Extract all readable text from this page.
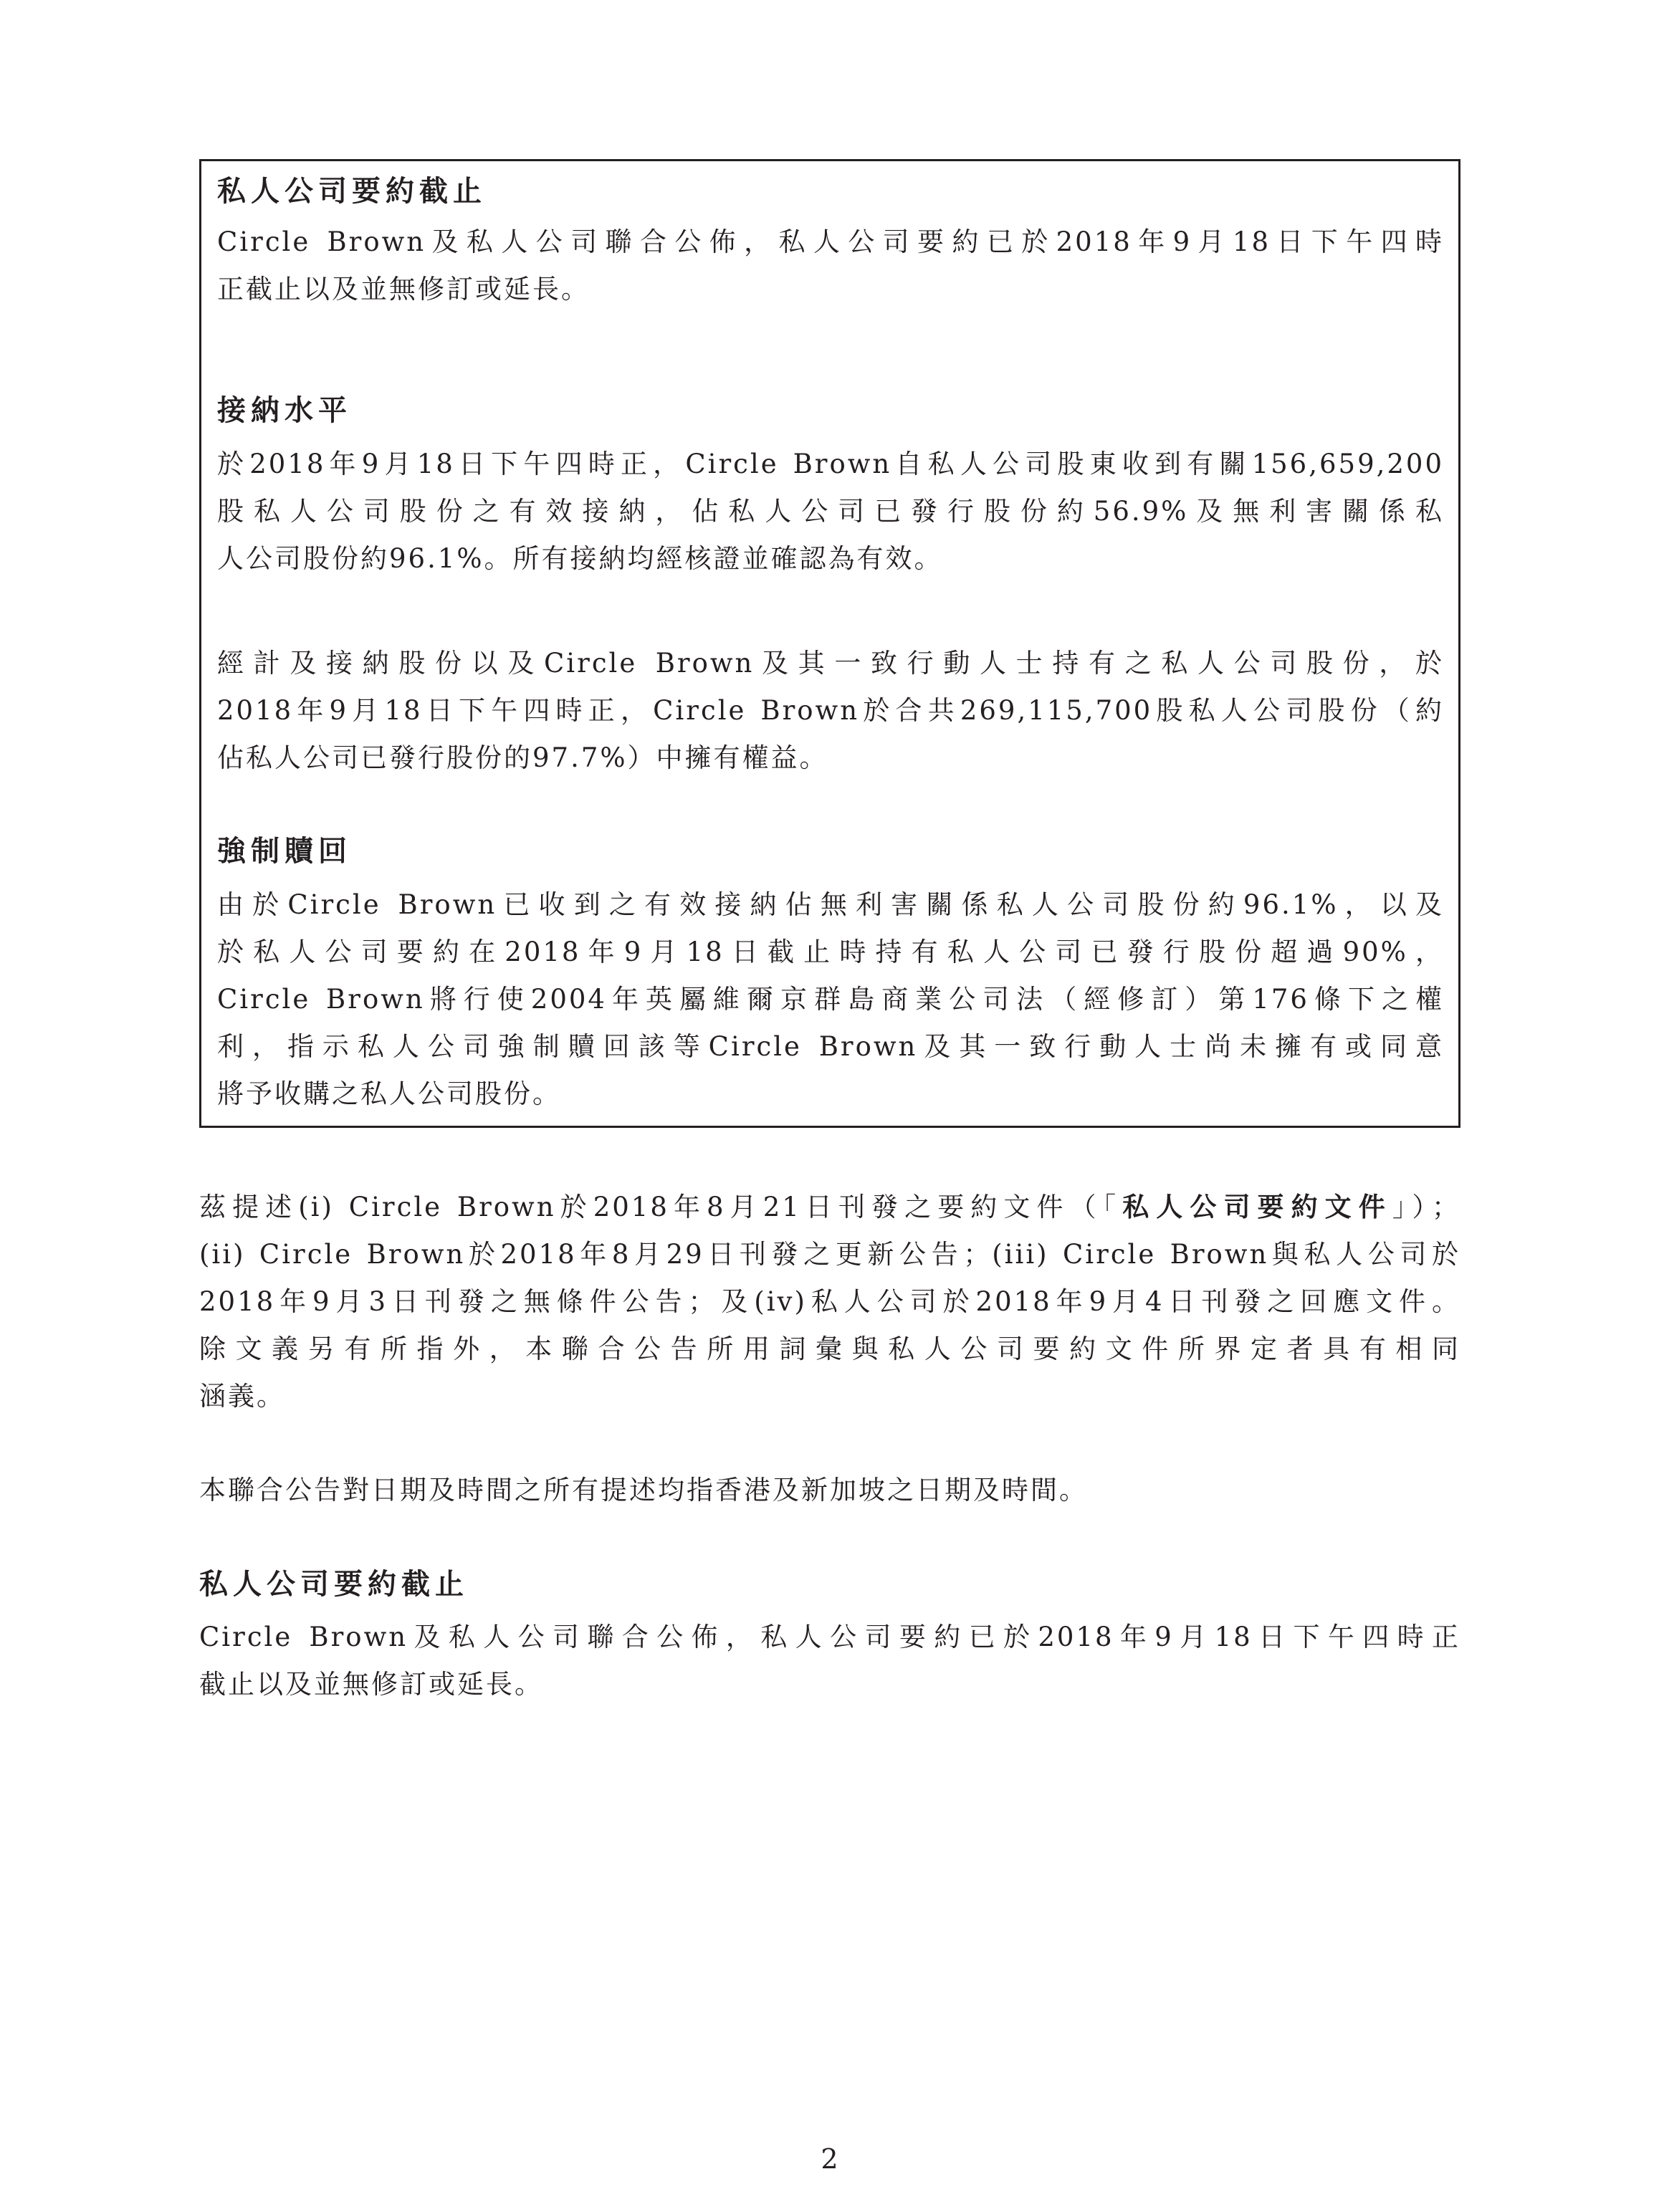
私人公司要約截止
Circle Brown及私人公司聯合公佈，私人公司要約已於2018年9月18日下午四時
正截止以及並無修訂或延長。
接納水平
於2018年9月18日下午四時正，Circle Brown自私人公司股東收到有關156,659,200
股私人公司股份之有效接納，佔私人公司已發行股份約56.9%及無利害關係私
人公司股份約96.1%。所有接納均經核證並確認為有效。
經計及接納股份以及Circle Brown及其一致行動人士持有之私人公司股份，於
2018年9月18日下午四時正，Circle Brown於合共269,115,700股私人公司股份（約
佔私人公司已發行股份的97.7%）中擁有權益。
強制贖回
由於Circle Brown已收到之有效接納佔無利害關係私人公司股份約96.1%，以及
於私人公司要約在2018年9月18日截止時持有私人公司已發行股份超過90%，
Circle Brown將行使2004年英屬維爾京群島商業公司法（經修訂）第176條下之權
利，指示私人公司強制贖回該等Circle Brown及其一致行動人士尚未擁有或同意
將予收購之私人公司股份。
茲提述(i) Circle Brown於2018年8月21日刊發之要約文件（「私人公司要約文件」）；
(ii) Circle Brown於2018年8月29日刊發之更新公告；(iii) Circle Brown與私人公司於
2018年9月3日刊發之無條件公告；及(iv)私人公司於2018年9月4日刊發之回應文件。
除文義另有所指外，本聯合公告所用詞彙與私人公司要約文件所界定者具有相同
涵義。
本聯合公告對日期及時間之所有提述均指香港及新加坡之日期及時間。
私人公司要約截止
Circle Brown及私人公司聯合公佈，私人公司要約已於2018年9月18日下午四時正
截止以及並無修訂或延長。
2
